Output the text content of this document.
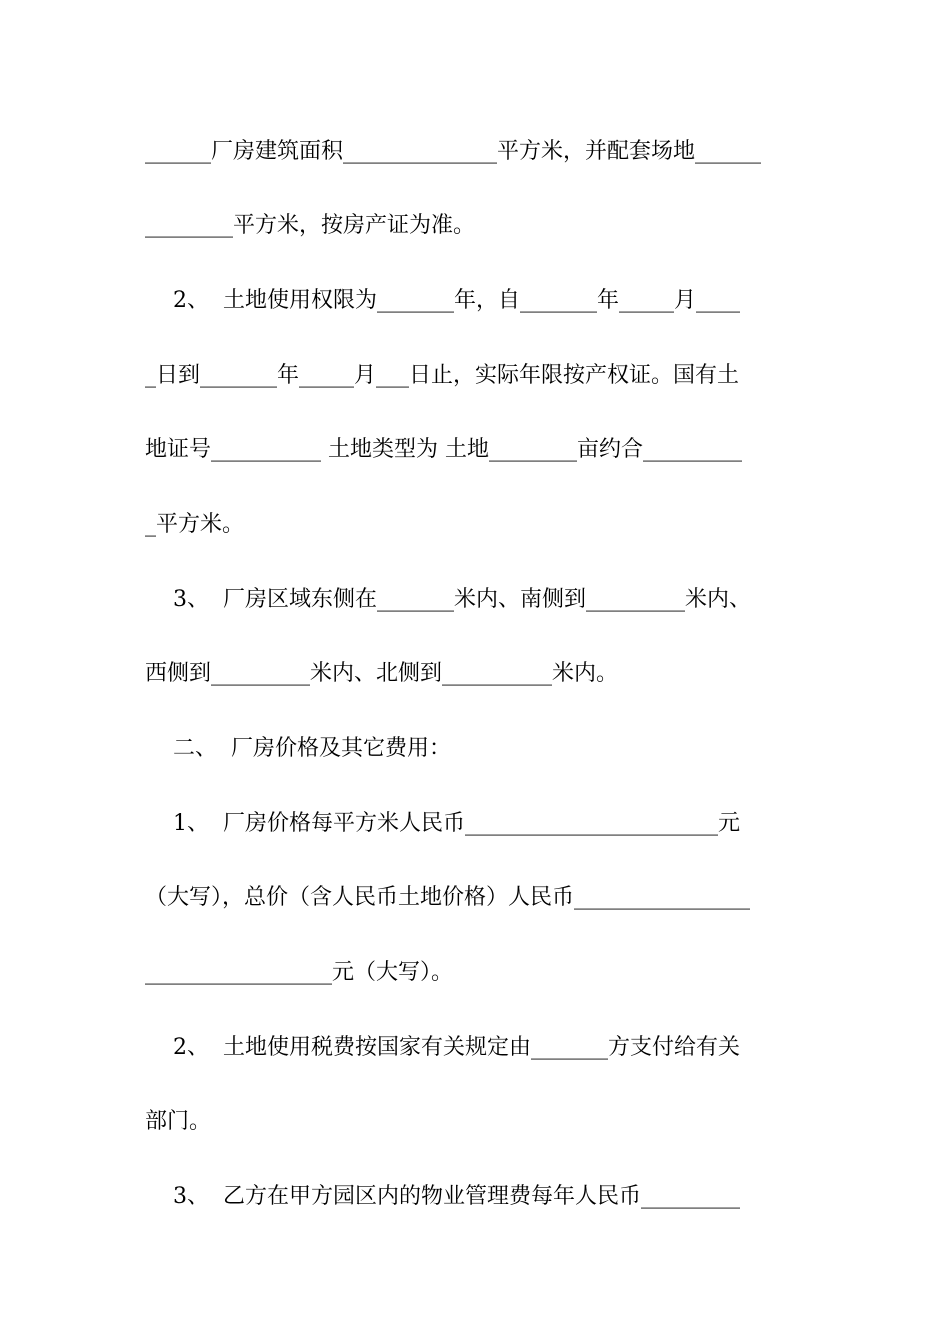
______厂房建筑面积______________平方米，并配套场地______
________平方米，按房产证为准。
2、  土地使用权限为_______年，自_______年_____月____
_日到_______年_____月___日止，实际年限按产权证。国有土
地证号__________ 土地类型为 土地________亩约合_________
_平方米。
3、  厂房区域东侧在_______米内、南侧到_________米内、
西侧到_________米内、北侧到__________米内。
二、  厂房价格及其它费用：
1、  厂房价格每平方米人民币_______________________元
（大写），总价（含人民币土地价格）人民币________________
_________________元（大写）。
2、  土地使用税费按国家有关规定由_______方支付给有关
部门。
3、  乙方在甲方园区内的物业管理费每年人民币_________
